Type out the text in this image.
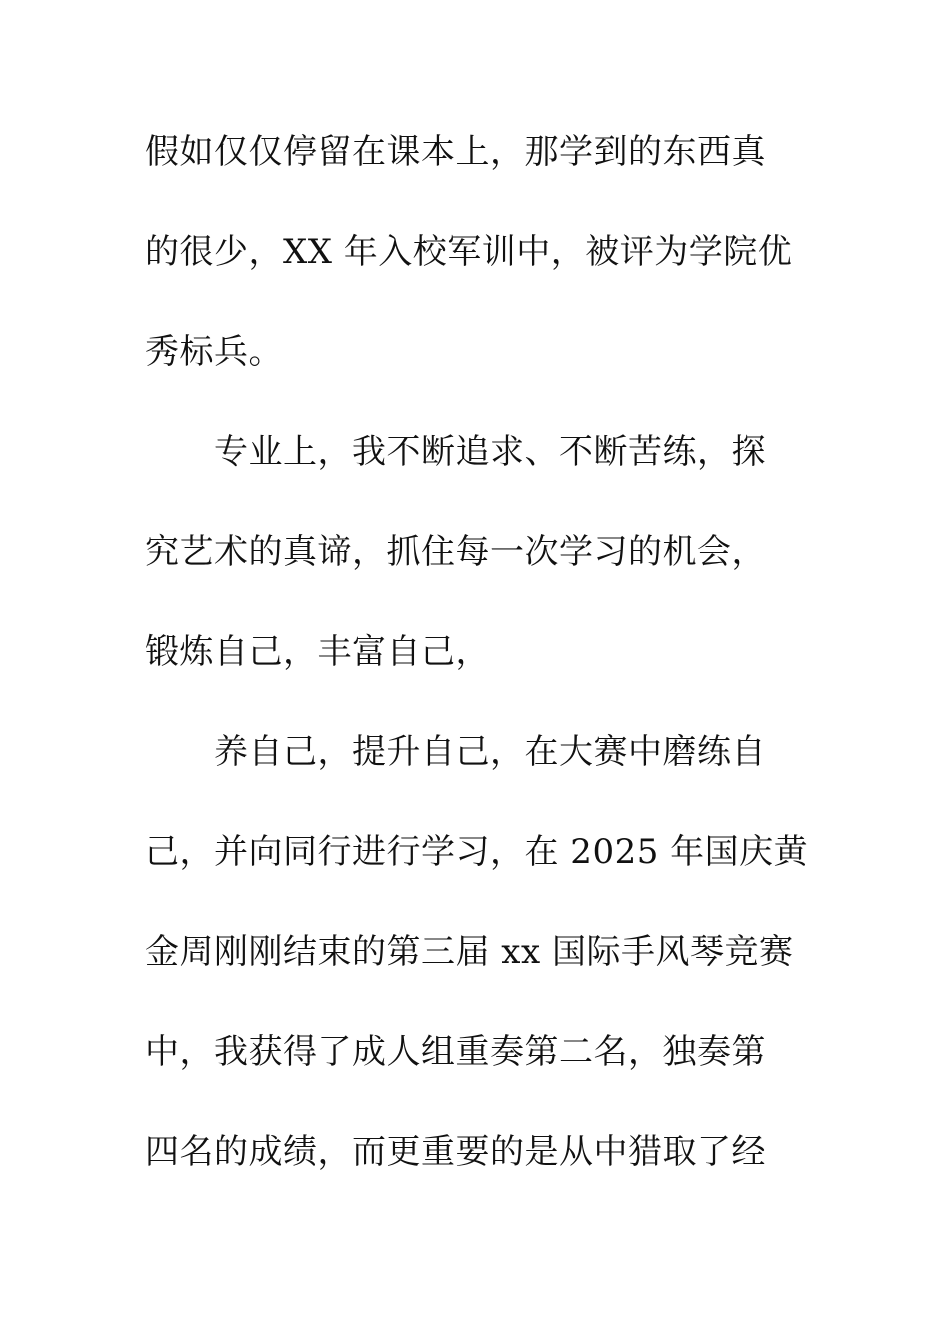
假如仅仅停留在课本上，那学到的东西真
的很少，XX 年入校军训中，被评为学院优
秀标兵。
专业上，我不断追求、不断苦练，探
究艺术的真谛，抓住每一次学习的机会，
锻炼自己，丰富自己，
养自己，提升自己，在大赛中磨练自
己，并向同行进行学习，在 2025 年国庆黄
金周刚刚结束的第三届 xx 国际手风琴竞赛
中，我获得了成人组重奏第二名，独奏第
四名的成绩，而更重要的是从中猎取了经
